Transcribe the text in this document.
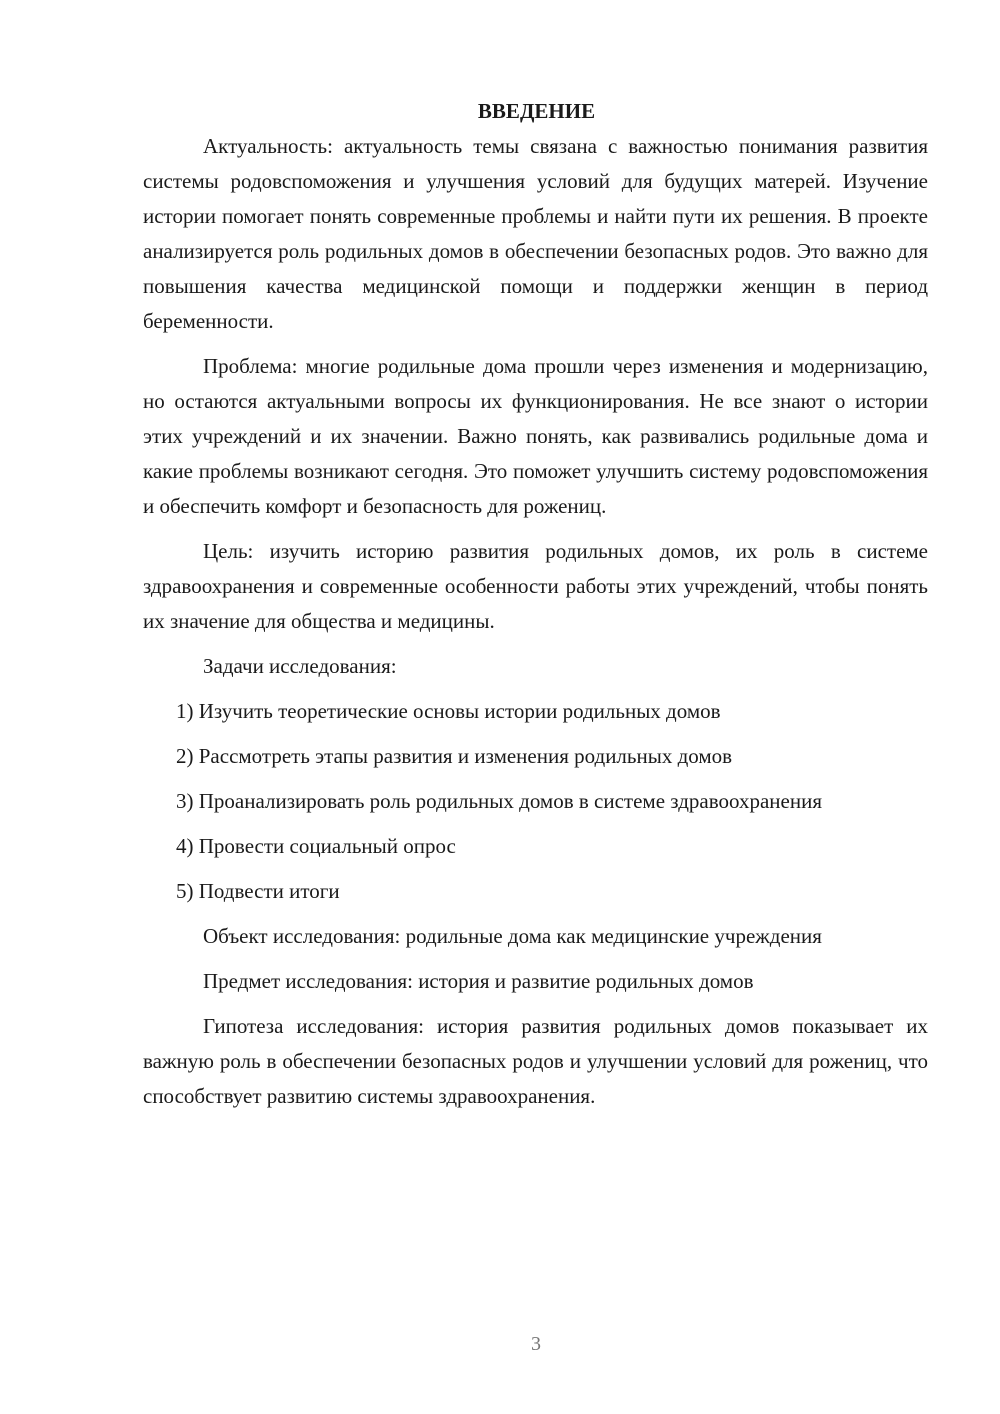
ВВЕДЕНИЕ

Актуальность: актуальность темы связана с важностью понимания развития системы родовспоможения и улучшения условий для будущих матерей. Изучение истории помогает понять современные проблемы и найти пути их решения. В проекте анализируется роль родильных домов в обеспечении безопасных родов. Это важно для повышения качества медицинской помощи и поддержки женщин в период беременности.

Проблема: многие родильные дома прошли через изменения и модернизацию, но остаются актуальными вопросы их функционирования. Не все знают о истории этих учреждений и их значении. Важно понять, как развивались родильные дома и какие проблемы возникают сегодня. Это поможет улучшить систему родовспоможения и обеспечить комфорт и безопасность для рожениц.

Цель: изучить историю развития родильных домов, их роль в системе здравоохранения и современные особенности работы этих учреждений, чтобы понять их значение для общества и медицины.

Задачи исследования:

1) Изучить теоретические основы истории родильных домов

2) Рассмотреть этапы развития и изменения родильных домов

3) Проанализировать роль родильных домов в системе здравоохранения

4) Провести социальный опрос

5) Подвести итоги

Объект исследования: родильные дома как медицинские учреждения

Предмет исследования: история и развитие родильных домов

Гипотеза исследования: история развития родильных домов показывает их важную роль в обеспечении безопасных родов и улучшении условий для рожениц, что способствует развитию системы здравоохранения.

3
